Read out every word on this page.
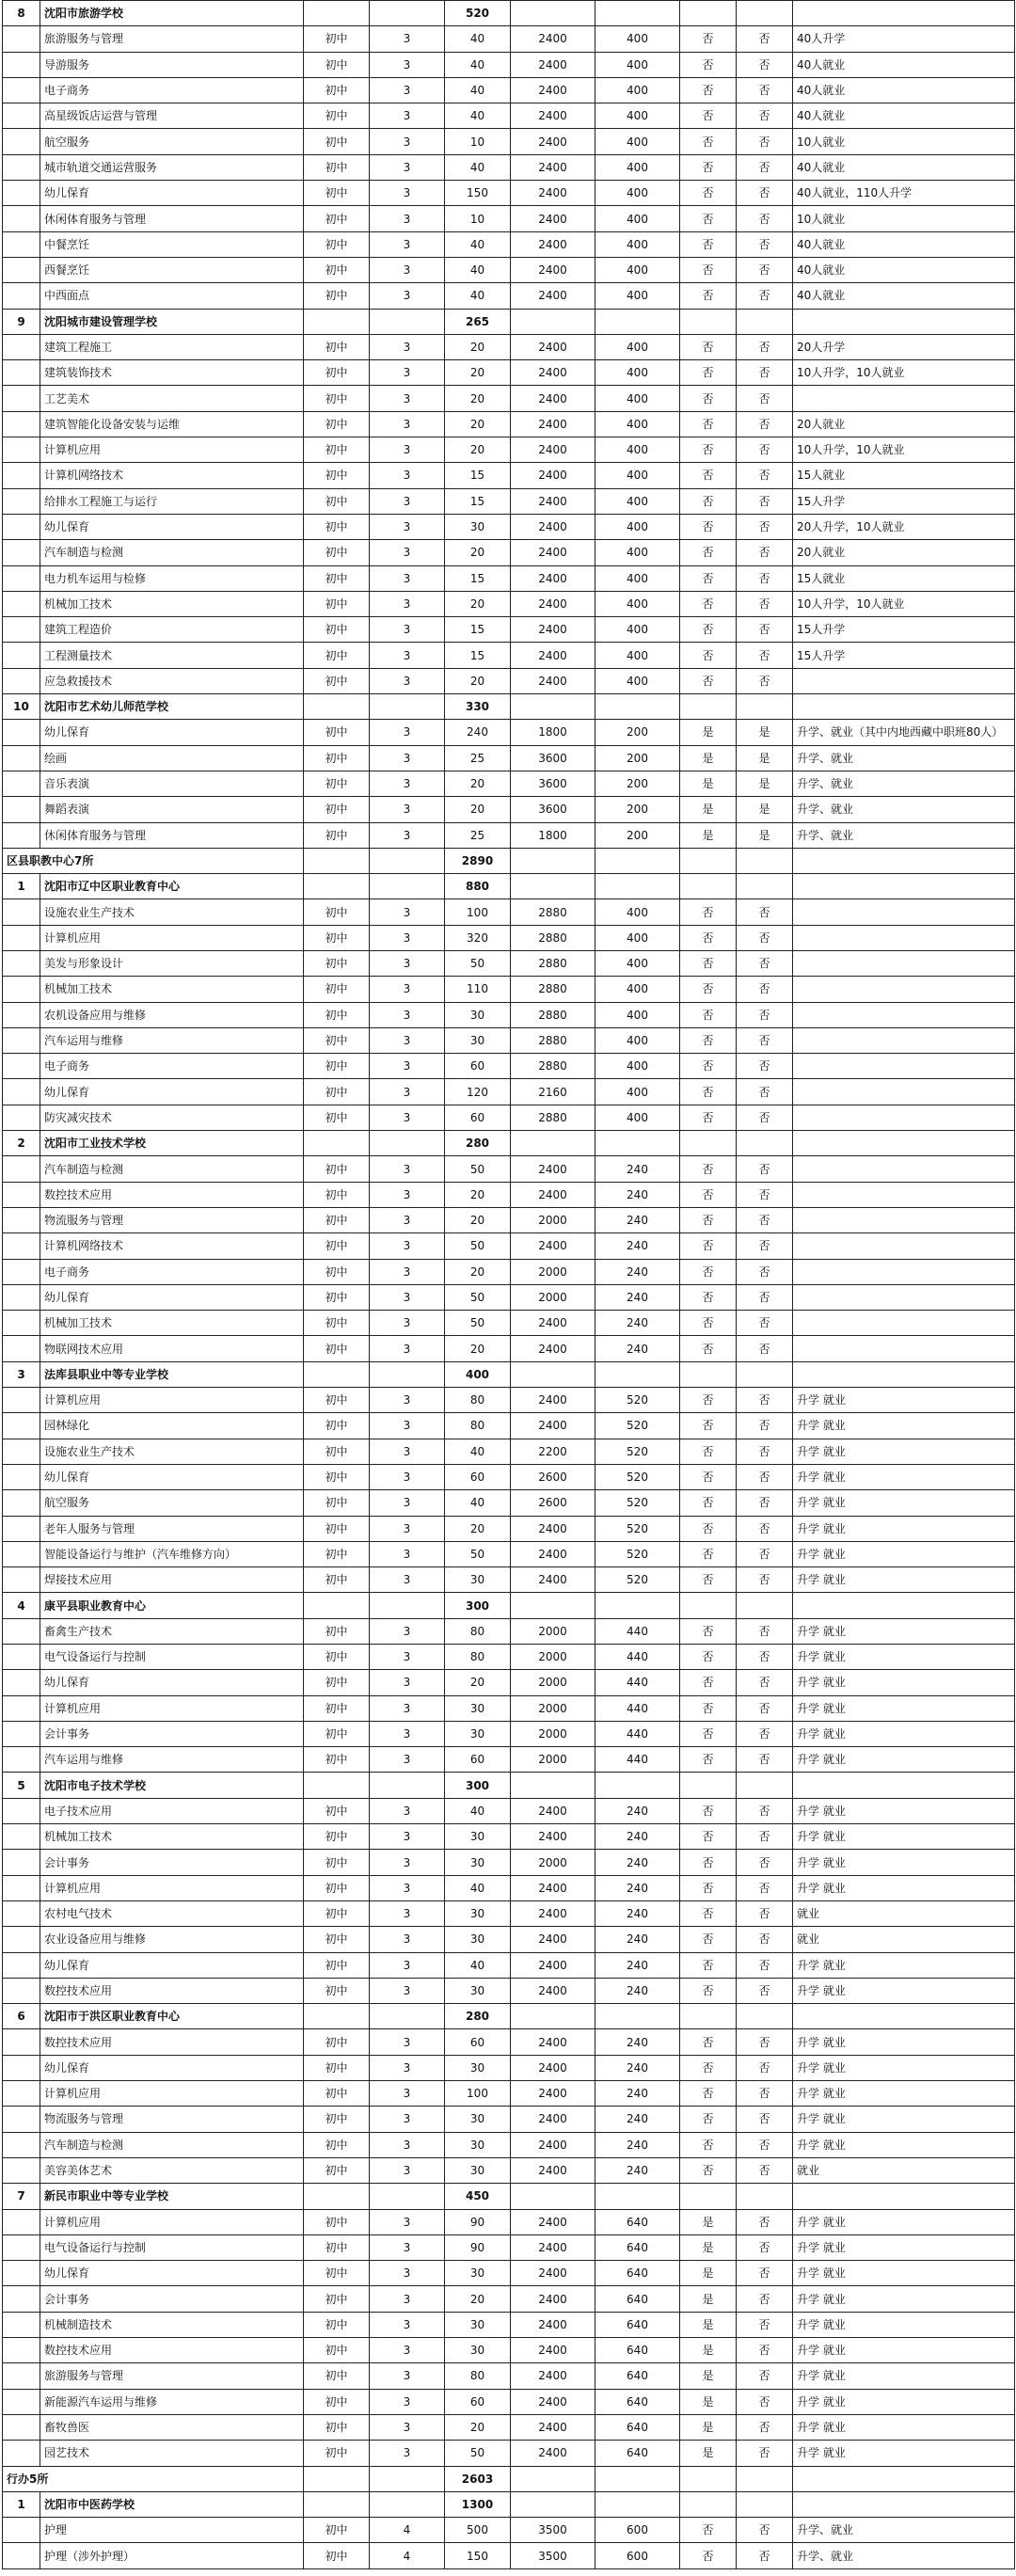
8	沈阳市旅游学校			520					
	旅游服务与管理	初中	3	40	2400	400	否	否	40人升学
	导游服务	初中	3	40	2400	400	否	否	40人就业
	电子商务	初中	3	40	2400	400	否	否	40人就业
	高星级饭店运营与管理	初中	3	40	2400	400	否	否	40人就业
	航空服务	初中	3	10	2400	400	否	否	10人就业
	城市轨道交通运营服务	初中	3	40	2400	400	否	否	40人就业
	幼儿保育	初中	3	150	2400	400	否	否	40人就业，110人升学
	休闲体育服务与管理	初中	3	10	2400	400	否	否	10人就业
	中餐烹饪	初中	3	40	2400	400	否	否	40人就业
	西餐烹饪	初中	3	40	2400	400	否	否	40人就业
	中西面点	初中	3	40	2400	400	否	否	40人就业
9	沈阳城市建设管理学校			265					
	建筑工程施工	初中	3	20	2400	400	否	否	20人升学
	建筑装饰技术	初中	3	20	2400	400	否	否	10人升学，10人就业
	工艺美术	初中	3	20	2400	400	否	否	
	建筑智能化设备安装与运维	初中	3	20	2400	400	否	否	20人就业
	计算机应用	初中	3	20	2400	400	否	否	10人升学，10人就业
	计算机网络技术	初中	3	15	2400	400	否	否	15人就业
	给排水工程施工与运行	初中	3	15	2400	400	否	否	15人升学
	幼儿保育	初中	3	30	2400	400	否	否	20人升学，10人就业
	汽车制造与检测	初中	3	20	2400	400	否	否	20人就业
	电力机车运用与检修	初中	3	15	2400	400	否	否	15人就业
	机械加工技术	初中	3	20	2400	400	否	否	10人升学，10人就业
	建筑工程造价	初中	3	15	2400	400	否	否	15人升学
	工程测量技术	初中	3	15	2400	400	否	否	15人升学
	应急救援技术	初中	3	20	2400	400	否	否	
10	沈阳市艺术幼儿师范学校			330					
	幼儿保育	初中	3	240	1800	200	是	是	升学、就业（其中内地西藏中职班80人）
	绘画	初中	3	25	3600	200	是	是	升学、就业
	音乐表演	初中	3	20	3600	200	是	是	升学、就业
	舞蹈表演	初中	3	20	3600	200	是	是	升学、就业
	休闲体育服务与管理	初中	3	25	1800	200	是	是	升学、就业
区县职教中心7所				2890					
1	沈阳市辽中区职业教育中心			880					
	设施农业生产技术	初中	3	100	2880	400	否	否	
	计算机应用	初中	3	320	2880	400	否	否	
	美发与形象设计	初中	3	50	2880	400	否	否	
	机械加工技术	初中	3	110	2880	400	否	否	
	农机设备应用与维修	初中	3	30	2880	400	否	否	
	汽车运用与维修	初中	3	30	2880	400	否	否	
	电子商务	初中	3	60	2880	400	否	否	
	幼儿保育	初中	3	120	2160	400	否	否	
	防灾减灾技术	初中	3	60	2880	400	否	否	
2	沈阳市工业技术学校			280					
	汽车制造与检测	初中	3	50	2400	240	否	否	
	数控技术应用	初中	3	20	2400	240	否	否	
	物流服务与管理	初中	3	20	2000	240	否	否	
	计算机网络技术	初中	3	50	2400	240	否	否	
	电子商务	初中	3	20	2000	240	否	否	
	幼儿保育	初中	3	50	2000	240	否	否	
	机械加工技术	初中	3	50	2400	240	否	否	
	物联网技术应用	初中	3	20	2400	240	否	否	
3	法库县职业中等专业学校			400					
	计算机应用	初中	3	80	2400	520	否	否	升学 就业
	园林绿化	初中	3	80	2400	520	否	否	升学 就业
	设施农业生产技术	初中	3	40	2200	520	否	否	升学 就业
	幼儿保育	初中	3	60	2600	520	否	否	升学 就业
	航空服务	初中	3	40	2600	520	否	否	升学 就业
	老年人服务与管理	初中	3	20	2400	520	否	否	升学 就业
	智能设备运行与维护（汽车维修方向）	初中	3	50	2400	520	否	否	升学 就业
	焊接技术应用	初中	3	30	2400	520	否	否	升学 就业
4	康平县职业教育中心			300					
	畜禽生产技术	初中	3	80	2000	440	否	否	升学 就业
	电气设备运行与控制	初中	3	80	2000	440	否	否	升学 就业
	幼儿保育	初中	3	20	2000	440	否	否	升学 就业
	计算机应用	初中	3	30	2000	440	否	否	升学 就业
	会计事务	初中	3	30	2000	440	否	否	升学 就业
	汽车运用与维修	初中	3	60	2000	440	否	否	升学 就业
5	沈阳市电子技术学校			300					
	电子技术应用	初中	3	40	2400	240	否	否	升学 就业
	机械加工技术	初中	3	30	2400	240	否	否	升学 就业
	会计事务	初中	3	30	2000	240	否	否	升学 就业
	计算机应用	初中	3	40	2400	240	否	否	升学 就业
	农村电气技术	初中	3	30	2400	240	否	否	就业
	农业设备应用与维修	初中	3	30	2400	240	否	否	就业
	幼儿保育	初中	3	40	2400	240	否	否	升学 就业
	数控技术应用	初中	3	30	2400	240	否	否	升学 就业
6	沈阳市于洪区职业教育中心			280					
	数控技术应用	初中	3	60	2400	240	否	否	升学 就业
	幼儿保育	初中	3	30	2400	240	否	否	升学 就业
	计算机应用	初中	3	100	2400	240	否	否	升学 就业
	物流服务与管理	初中	3	30	2400	240	否	否	升学 就业
	汽车制造与检测	初中	3	30	2400	240	否	否	升学 就业
	美容美体艺术	初中	3	30	2400	240	否	否	就业
7	新民市职业中等专业学校			450					
	计算机应用	初中	3	90	2400	640	是	否	升学 就业
	电气设备运行与控制	初中	3	90	2400	640	是	否	升学 就业
	幼儿保育	初中	3	30	2400	640	是	否	升学 就业
	会计事务	初中	3	20	2400	640	是	否	升学 就业
	机械制造技术	初中	3	30	2400	640	是	否	升学 就业
	数控技术应用	初中	3	30	2400	640	是	否	升学 就业
	旅游服务与管理	初中	3	80	2400	640	是	否	升学 就业
	新能源汽车运用与维修	初中	3	60	2400	640	是	否	升学 就业
	畜牧兽医	初中	3	20	2400	640	是	否	升学 就业
	园艺技术	初中	3	50	2400	640	是	否	升学 就业
行办5所				2603					
1	沈阳市中医药学校			1300					
	护理	初中	4	500	3500	600	否	否	升学、就业
	护理（涉外护理）	初中	4	150	3500	600	否	否	升学、就业
